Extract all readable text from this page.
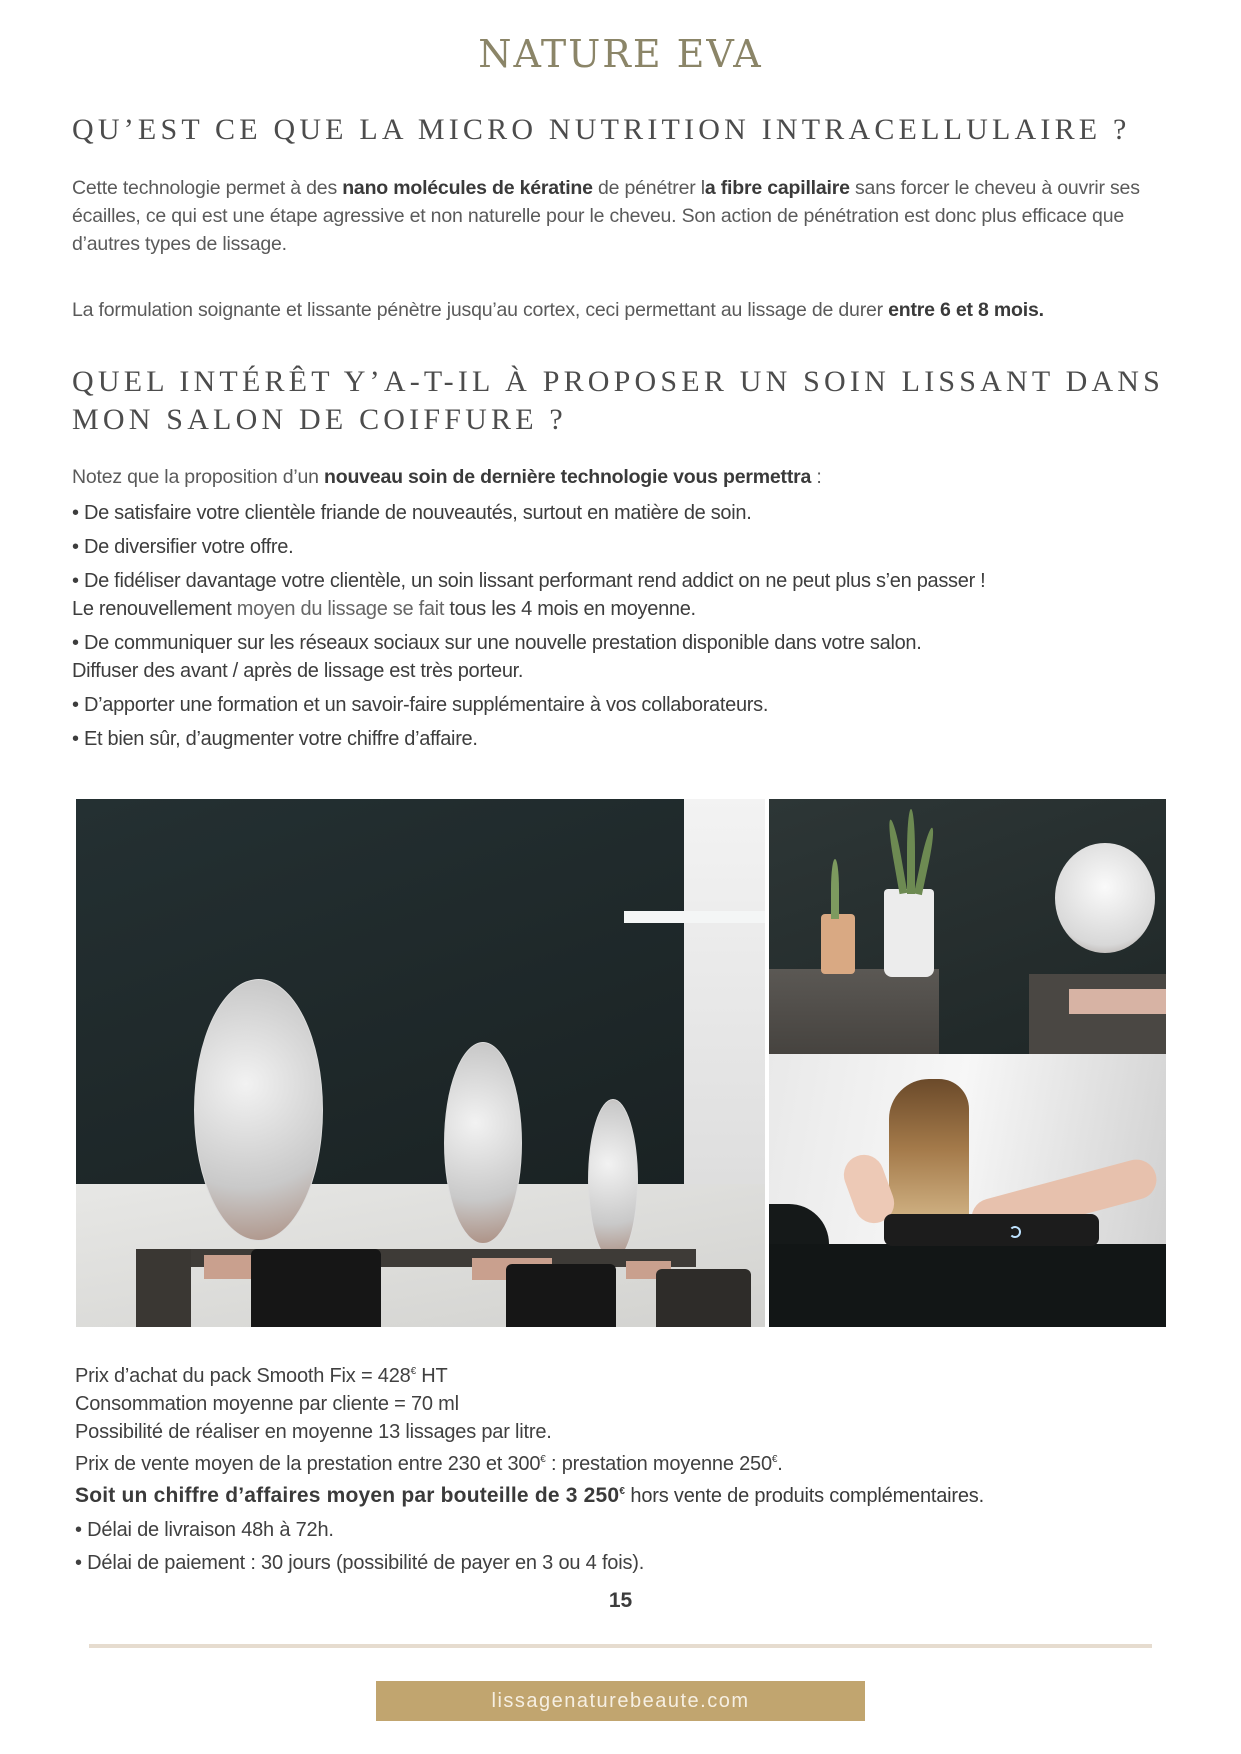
NATURE EVA
QU’EST CE QUE LA MICRO NUTRITION INTRACELLULAIRE ?

Cette technologie permet à des nano molécules de kératine de pénétrer la fibre capillaire sans forcer le cheveu à ouvrir ses écailles, ce qui est une étape agressive et non naturelle pour le cheveu. Son action de pénétration est donc plus efficace que d’autres types de lissage.

La formulation soignante et lissante pénètre jusqu’au cortex, ceci permettant au lissage de durer entre 6 et 8 mois.

QUEL INTÉRÊT Y’A-T-IL À PROPOSER UN SOIN LISSANT DANS MON SALON DE COIFFURE ?

Notez que la proposition d’un nouveau soin de dernière technologie vous permettra :

• De satisfaire votre clientèle friande de nouveautés, surtout en matière de soin.
• De diversifier votre offre.
• De fidéliser davantage votre clientèle, un soin lissant performant rend addict on ne peut plus s’en passer !
Le renouvellement moyen du lissage se fait tous les 4 mois en moyenne.
• De communiquer sur les réseaux sociaux sur une nouvelle prestation disponible dans votre salon.
Diffuser des avant / après de lissage est très porteur.
• D’apporter une formation et un savoir-faire supplémentaire à vos collaborateurs.
• Et bien sûr, d’augmenter votre chiffre d’affaire.
Prix d’achat du pack Smooth Fix = 428€ HT
Consommation moyenne par cliente = 70 ml
Possibilité de réaliser en moyenne 13 lissages par litre.
Prix de vente moyen de la prestation entre 230 et 300€ : prestation moyenne 250€.
Soit un chiffre d’affaires moyen par bouteille de 3 250€ hors vente de produits complémentaires.
• Délai de livraison 48h à 72h.
• Délai de paiement : 30 jours (possibilité de payer en 3 ou 4 fois).
15
lissagenaturebeaute.com
